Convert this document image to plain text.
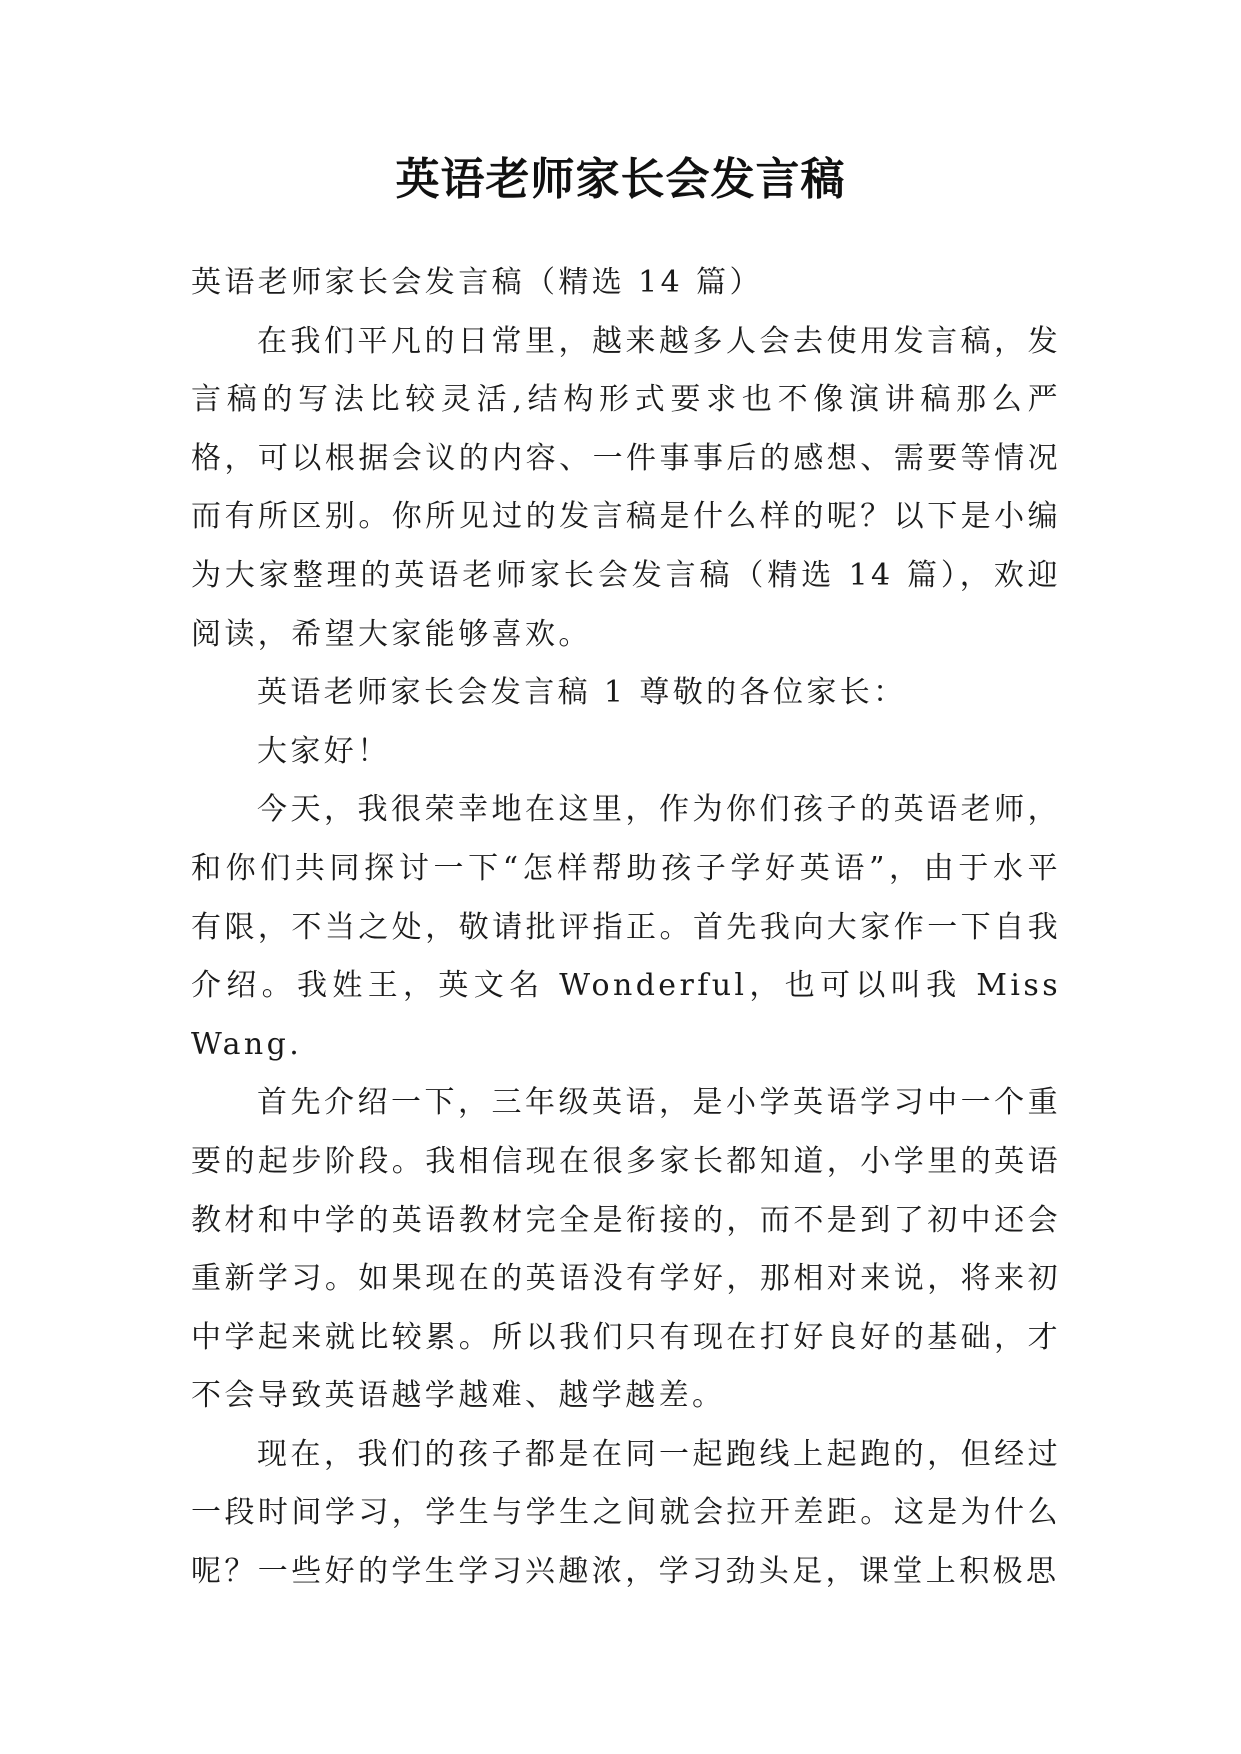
英语老师家长会发言稿

英语老师家长会发言稿（精选 14 篇）

在我们平凡的日常里，越来越多人会去使用发言稿，发言稿的写法比较灵活,结构形式要求也不像演讲稿那么严格，可以根据会议的内容、一件事事后的感想、需要等情况而有所区别。你所见过的发言稿是什么样的呢？以下是小编为大家整理的英语老师家长会发言稿（精选 14 篇），欢迎阅读，希望大家能够喜欢。

英语老师家长会发言稿 1 尊敬的各位家长：

大家好！

今天，我很荣幸地在这里，作为你们孩子的英语老师，和你们共同探讨一下“怎样帮助孩子学好英语”，由于水平有限，不当之处，敬请批评指正。首先我向大家作一下自我介绍。我姓王，英文名 Wonderful，也可以叫我 Miss Wang.

首先介绍一下，三年级英语，是小学英语学习中一个重要的起步阶段。我相信现在很多家长都知道，小学里的英语教材和中学的英语教材完全是衔接的，而不是到了初中还会重新学习。如果现在的英语没有学好，那相对来说，将来初中学起来就比较累。所以我们只有现在打好良好的基础，才不会导致英语越学越难、越学越差。

现在，我们的孩子都是在同一起跑线上起跑的，但经过一段时间学习，学生与学生之间就会拉开差距。这是为什么呢？一些好的学生学习兴趣浓，学习劲头足，课堂上积极思
